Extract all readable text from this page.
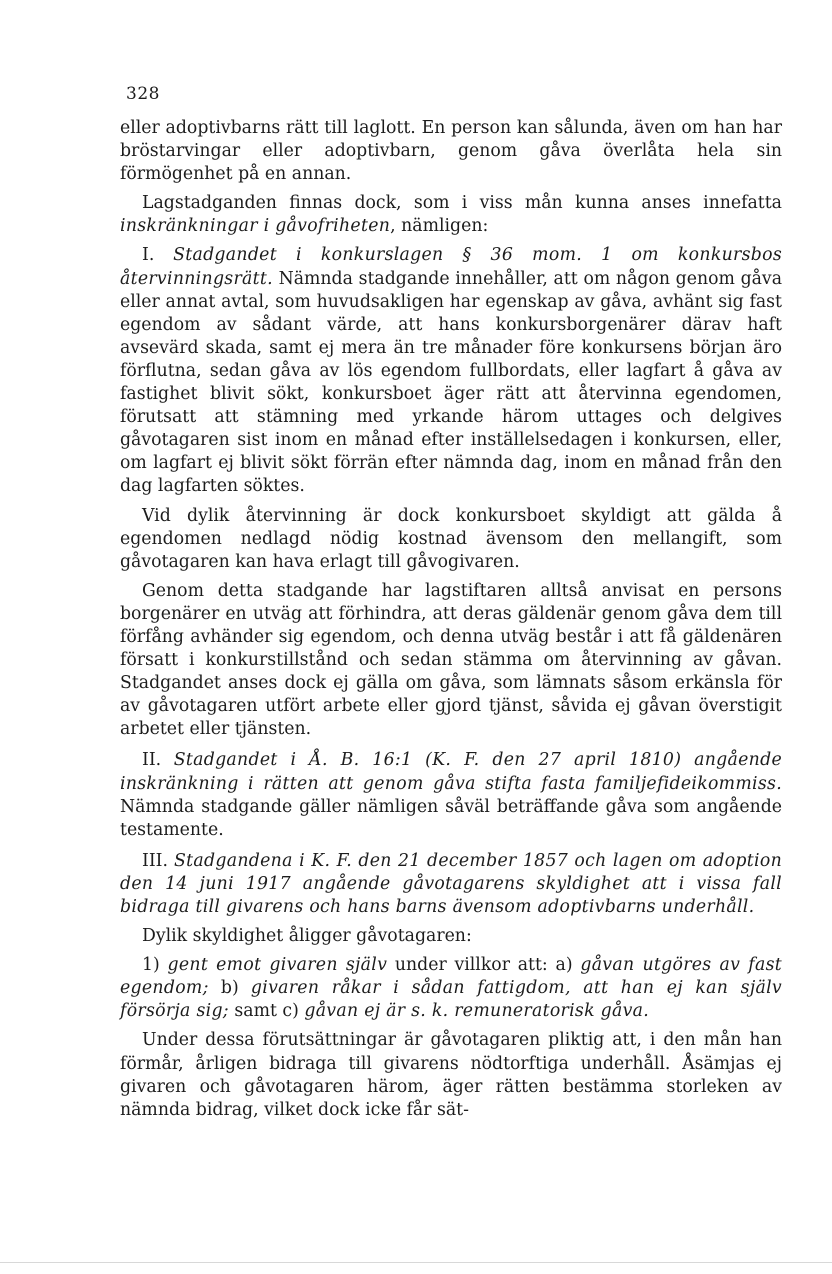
328

eller adoptivbarns rätt till laglott. En person kan sålunda, även om han har bröstarvingar eller adoptivbarn, genom gåva överlåta hela sin förmögenhet på en annan.

Lagstadganden finnas dock, som i viss mån kunna anses innefatta inskränkningar i gåvofriheten, nämligen:

I. Stadgandet i konkurslagen § 36 mom. 1 om konkursbos återvinningsrätt. Nämnda stadgande innehåller, att om någon genom gåva eller annat avtal, som huvudsakligen har egenskap av gåva, avhänt sig fast egendom av sådant värde, att hans konkursborgenärer därav haft avsevärd skada, samt ej mera än tre månader före konkursens början äro förflutna, sedan gåva av lös egendom fullbordats, eller lagfart å gåva av fastighet blivit sökt, konkursboet äger rätt att återvinna egendomen, förutsatt att stämning med yrkande härom uttages och delgives gåvotagaren sist inom en månad efter inställelsedagen i konkursen, eller, om lagfart ej blivit sökt förrän efter nämnda dag, inom en månad från den dag lagfarten söktes.

Vid dylik återvinning är dock konkursboet skyldigt att gälda å egendomen nedlagd nödig kostnad ävensom den mellangift, som gåvotagaren kan hava erlagt till gåvogivaren.

Genom detta stadgande har lagstiftaren alltså anvisat en persons borgenärer en utväg att förhindra, att deras gäldenär genom gåva dem till förfång avhänder sig egendom, och denna utväg består i att få gäldenären försatt i konkurstillstånd och sedan stämma om återvinning av gåvan. Stadgandet anses dock ej gälla om gåva, som lämnats såsom erkänsla för av gåvotagaren utfört arbete eller gjord tjänst, såvida ej gåvan överstigit arbetet eller tjänsten.

II. Stadgandet i Å. B. 16:1 (K. F. den 27 april 1810) angående inskränkning i rätten att genom gåva stifta fasta familjefideikommiss. Nämnda stadgande gäller nämligen såväl beträffande gåva som angående testamente.

III. Stadgandena i K. F. den 21 december 1857 och lagen om adoption den 14 juni 1917 angående gåvotagarens skyldighet att i vissa fall bidraga till givarens och hans barns ävensom adoptivbarns underhåll.

Dylik skyldighet åligger gåvotagaren:

1) gent emot givaren själv under villkor att: a) gåvan utgöres av fast egendom; b) givaren råkar i sådan fattigdom, att han ej kan själv försörja sig; samt c) gåvan ej är s. k. remuneratorisk gåva.

Under dessa förutsättningar är gåvotagaren pliktig att, i den mån han förmår, årligen bidraga till givarens nödtorftiga underhåll. Åsämjas ej givaren och gåvotagaren härom, äger rätten bestämma storleken av nämnda bidrag, vilket dock icke får sät-
